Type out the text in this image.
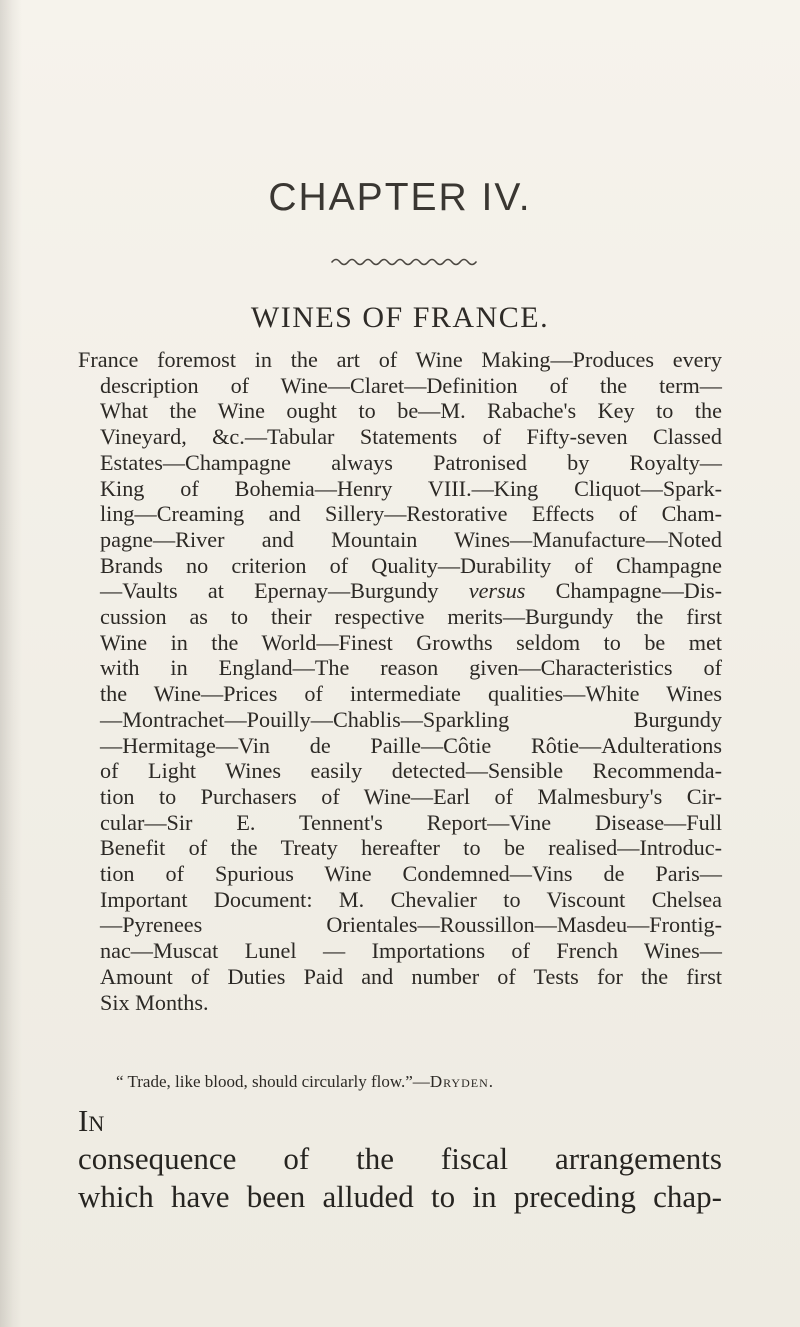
CHAPTER IV.
WINES OF FRANCE.

France foremost in the art of Wine Making—Produces every
description of Wine—Claret—Definition of the term—
What the Wine ought to be—M. Rabache's Key to the
Vineyard, &c.—Tabular Statements of Fifty-seven Classed
Estates—Champagne always Patronised by Royalty—
King of Bohemia—Henry VIII.—King Cliquot—Spark-
ling—Creaming and Sillery—Restorative Effects of Cham-
pagne—River and Mountain Wines—Manufacture—Noted
Brands no criterion of Quality—Durability of Champagne
—Vaults at Epernay—Burgundy versus Champagne—Dis-
cussion as to their respective merits—Burgundy the first
Wine in the World—Finest Growths seldom to be met
with in England—The reason given—Characteristics of
the Wine—Prices of intermediate qualities—White Wines
—Montrachet—Pouilly—Chablis—Sparkling Burgundy
—Hermitage—Vin de Paille—Côtie Rôtie—Adulterations
of Light Wines easily detected—Sensible Recommenda-
tion to Purchasers of Wine—Earl of Malmesbury's Cir-
cular—Sir E. Tennent's Report—Vine Disease—Full
Benefit of the Treaty hereafter to be realised—Introduc-
tion of Spurious Wine Condemned—Vins de Paris—
Important Document: M. Chevalier to Viscount Chelsea
—Pyrenees Orientales—Roussillon—Masdeu—Frontig-
nac—Muscat Lunel — Importations of French Wines—
Amount of Duties Paid and number of Tests for the first
Six Months.

“ Trade, like blood, should circularly flow.”—Dryden.

In
consequence of the fiscal arrangements
which have been alluded to in preceding chap-
